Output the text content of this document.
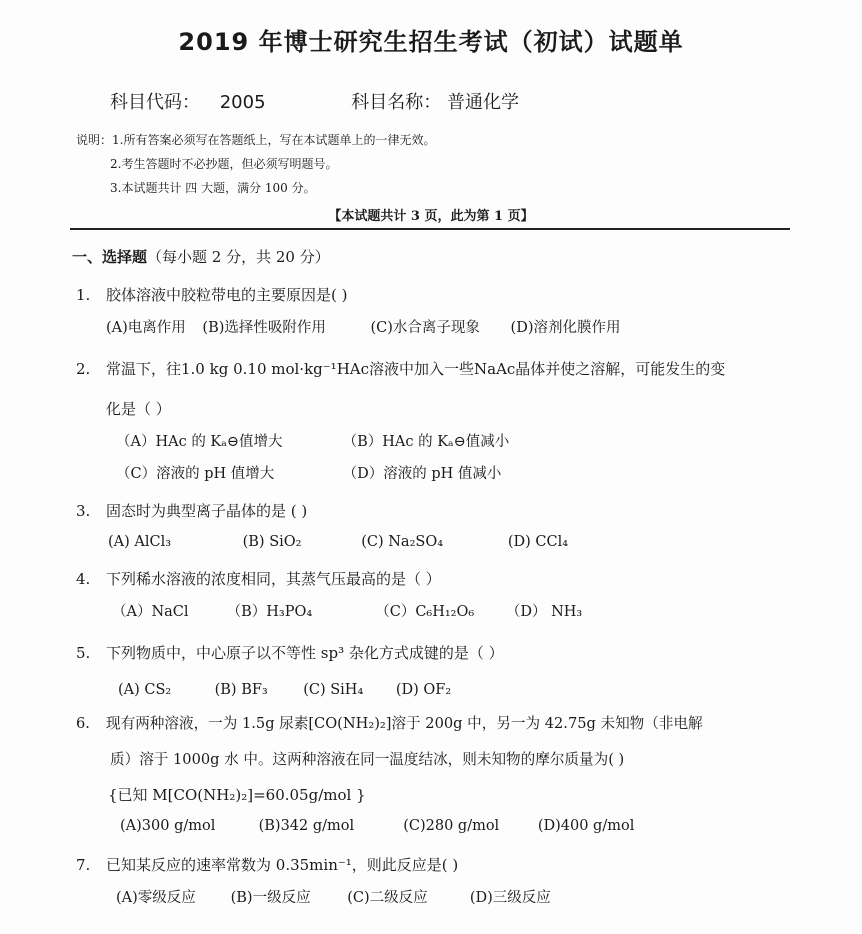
2019 年博士研究生招生考试（初试）试题单
科目代码： 2005	科目名称： 普通化学
说明：1.所有答案必须写在答题纸上，写在本试题单上的一律无效。
2.考生答题时不必抄题，但必须写明题号。
3.本试题共计 四 大题，满分 100 分。
【本试题共计 3 页，此为第 1 页】
一、选择题（每小题 2 分，共 20 分）
1. 胶体溶液中胶粒带电的主要原因是( )
(A)电离作用 (B)选择性吸附作用	(C)水合离子现象 (D)溶剂化膜作用
2. 常温下，往1.0 kg 0.10 mol·kg⁻¹HAc溶液中加入一些NaAc晶体并使之溶解，可能发生的变
化是（ ）
（A）HAc 的 Kₐ⊖值增大	（B）HAc 的 Kₐ⊖值减小
（C）溶液的 pH 值增大	（D）溶液的 pH 值减小
3. 固态时为典型离子晶体的是 ( )
(A) AlCl₃	(B) SiO₂	(C) Na₂SO₄	(D) CCl₄
4. 下列稀水溶液的浓度相同，其蒸气压最高的是（ ）
（A）NaCl	（B）H₃PO₄	（C）C₆H₁₂O₆ （D） NH₃
5. 下列物质中，中心原子以不等性 sp³ 杂化方式成键的是（ ）
(A) CS₂	(B) BF₃ (C) SiH₄ (D) OF₂
6. 现有两种溶液，一为 1.5g 尿素[CO(NH₂)₂]溶于 200g 中，另一为 42.75g 未知物（非电解
质）溶于 1000g 水 中。这两种溶液在同一温度结冰，则未知物的摩尔质量为( )
{已知 M[CO(NH₂)₂]=60.05g/mol }
(A)300 g/mol	(B)342 g/mol	(C)280 g/mol	(D)400 g/mol
7. 已知某反应的速率常数为 0.35min⁻¹，则此反应是( )
(A)零级反应 (B)一级反应	(C)二级反应	(D)三级反应
